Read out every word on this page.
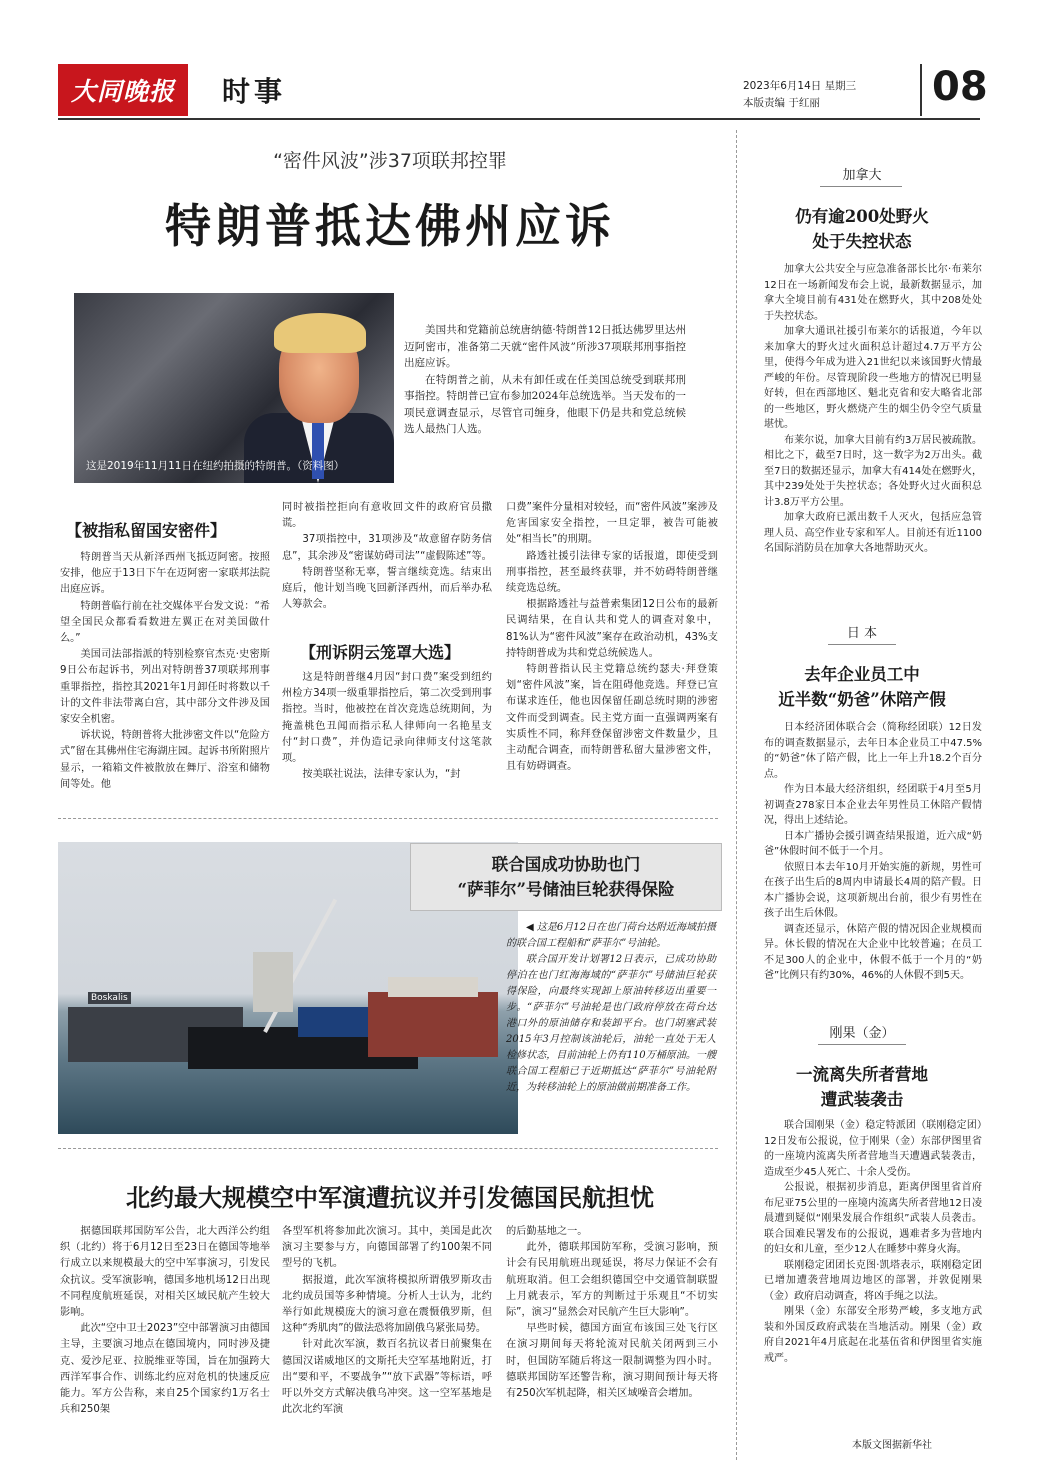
大同晚报 时事	2023年6月14日 星期三
本版责编 于红丽	08
“密件风波”涉37项联邦控罪
特朗普抵达佛州应诉
这是2019年11月11日在纽约拍摄的特朗普。（资料图）

美国共和党籍前总统唐纳德·特朗普12日抵达佛罗里达州迈阿密市，准备第二天就“密件风波”所涉37项联邦刑事指控出庭应诉。

在特朗普之前，从未有卸任或在任美国总统受到联邦刑事指控。特朗普已宣布参加2024年总统选举。当天发布的一项民意调查显示，尽管官司缠身，他眼下仍是共和党总统候选人最热门人选。

【被指私留国安密件】

特朗普当天从新泽西州飞抵迈阿密。按照安排，他应于13日下午在迈阿密一家联邦法院出庭应诉。

特朗普临行前在社交媒体平台发文说：“希望全国民众都看看数进左翼正在对美国做什么。”

美国司法部指派的特别检察官杰克·史密斯9日公布起诉书，列出对特朗普37项联邦刑事重罪指控，指控其2021年1月卸任时将数以千计的文件非法带离白宫，其中部分文件涉及国家安全机密。

诉状说，特朗普将大批涉密文件以“危险方式”留在其佛州住宅海湖庄园。起诉书所附照片显示，一箱箱文件被散放在舞厅、浴室和储物间等处。他

同时被指控拒向有意收回文件的政府官员撒谎。

37项指控中，31项涉及“故意留存防务信息”，其余涉及“密谋妨碍司法”“虚假陈述”等。

特朗普坚称无辜，誓言继续竞选。结束出庭后，他计划当晚飞回新泽西州，而后举办私人筹款会。

【刑诉阴云笼罩大选】

这是特朗普继4月因“封口费”案受到纽约州检方34项一级重罪指控后，第二次受到刑事指控。当时，他被控在首次竞选总统期间，为掩盖桃色丑闻而指示私人律师向一名艳星支付“封口费”，并伪造记录向律师支付这笔款项。

按美联社说法，法律专家认为，“封

口费”案件分量相对较轻，而“密件风波”案涉及危害国家安全指控，一旦定罪，被告可能被处“相当长”的刑期。

路透社援引法律专家的话报道，即使受到刑事指控，甚至最终获罪，并不妨碍特朗普继续竞选总统。

根据路透社与益普索集团12日公布的最新民调结果，在自认共和党人的调查对象中，81%认为“密件风波”案存在政治动机，43%支持特朗普成为共和党总统候选人。

特朗普指认民主党籍总统约瑟夫·拜登策划“密件风波”案，旨在阻碍他竞选。拜登已宣布谋求连任，他也因保留任副总统时期的涉密文件而受到调查。民主党方面一直强调两案有实质性不同，称拜登保留涉密文件数量少，且主动配合调查，而特朗普私留大量涉密文件，且有妨碍调查。

Boskalis
联合国成功协助也门
“萨菲尔”号储油巨轮获得保险

◀ 这是6月12日在也门荷台达附近海域拍摄的联合国工程船和“萨菲尔”号油轮。

联合国开发计划署12日表示，已成功协助停泊在也门红海海域的“萨菲尔”号储油巨轮获得保险，向最终实现卸上原油转移迈出重要一步。“萨菲尔”号油轮是也门政府停放在荷台达港口外的原油储存和装卸平台。也门胡塞武装2015年3月控制该油轮后，油轮一直处于无人检修状态，目前油轮上仍有110万桶原油。一艘联合国工程船已于近期抵达“萨菲尔”号油轮附近，为转移油轮上的原油做前期准备工作。

北约最大规模空中军演遭抗议并引发德国民航担忧

据德国联邦国防军公告，北大西洋公约组织（北约）将于6月12日至23日在德国等地举行成立以来规模最大的空中军事演习，引发民众抗议。受军演影响，德国多地机场12日出现不同程度航班延误，对相关区域民航产生较大影响。

此次“空中卫士2023”空中部署演习由德国主导，主要演习地点在德国境内，同时涉及捷克、爱沙尼亚、拉脱维亚等国，旨在加强跨大西洋军事合作、训练北约应对危机的快速反应能力。军方公告称，来自25个国家约1万名士兵和250架

各型军机将参加此次演习。其中，美国是此次演习主要参与方，向德国部署了约100架不同型号的飞机。

据报道，此次军演将模拟所谓俄罗斯攻击北约成员国等多种情境。分析人士认为，北约举行如此规模庞大的演习意在震慑俄罗斯，但这种“秀肌肉”的做法恐将加剧俄乌紧张局势。

针对此次军演，数百名抗议者日前聚集在德国汉诺威地区的文斯托夫空军基地附近，打出“要和平，不要战争”“放下武器”等标语，呼吁以外交方式解决俄乌冲突。这一空军基地是此次北约军演

的后勤基地之一。

此外，德联邦国防军称，受演习影响，预计会有民用航班出现延误，将尽力保证不会有航班取消。但工会组织德国空中交通管制联盟上月就表示，军方的判断过于乐观且“不切实际”，演习“显然会对民航产生巨大影响”。

早些时候，德国方面宣布该国三处飞行区在演习期间每天将轮流对民航关闭两到三小时，但国防军随后将这一限制调整为四小时。德联邦国防军还警告称，演习期间预计每天将有250次军机起降，相关区域噪音会增加。

加拿大
仍有逾200处野火
处于失控状态

加拿大公共安全与应急准备部长比尔·布莱尔12日在一场新闻发布会上说，最新数据显示，加拿大全境目前有431处在燃野火，其中208处处于失控状态。

加拿大通讯社援引布莱尔的话报道，今年以来加拿大的野火过火面积总计超过4.7万平方公里，使得今年成为进入21世纪以来该国野火情最严峻的年份。尽管现阶段一些地方的情况已明显好转，但在西部地区、魁北克省和安大略省北部的一些地区，野火燃烧产生的烟尘仍令空气质量堪忧。

布莱尔说，加拿大目前有约3万居民被疏散。相比之下，截至7日时，这一数字为2万出头。截至7日的数据还显示，加拿大有414处在燃野火，其中239处处于失控状态；各处野火过火面积总计3.8万平方公里。

加拿大政府已派出数千人灭火，包括应急管理人员、高空作业专家和军人。目前还有近1100名国际消防员在加拿大各地帮助灭火。

日 本
去年企业员工中
近半数“奶爸”休陪产假

日本经济团体联合会（简称经团联）12日发布的调查数据显示，去年日本企业员工中47.5%的“奶爸”休了陪产假，比上一年上升18.2个百分点。

作为日本最大经济组织，经团联于4月至5月初调查278家日本企业去年男性员工休陪产假情况，得出上述结论。

日本广播协会援引调查结果报道，近六成“奶爸”休假时间不低于一个月。

依照日本去年10月开始实施的新规，男性可在孩子出生后的8周内申请最长4周的陪产假。日本广播协会说，这项新规出台前，很少有男性在孩子出生后休假。

调查还显示，休陪产假的情况因企业规模而异。休长假的情况在大企业中比较普遍；在员工不足300人的企业中，休假不低于一个月的“奶爸”比例只有约30%，46%的人休假不到5天。

刚果（金）
一流离失所者营地
遭武装袭击

联合国刚果（金）稳定特派团（联刚稳定团）12日发布公报说，位于刚果（金）东部伊图里省的一座境内流离失所者营地当天遭遇武装袭击，造成至少45人死亡、十余人受伤。

公报说，根据初步消息，距离伊图里省首府布尼亚75公里的一座境内流离失所者营地12日凌晨遭到疑似“刚果发展合作组织”武装人员袭击。联合国难民署发布的公报说，遇难者多为营地内的妇女和儿童，至少12人在睡梦中葬身火海。

联刚稳定团团长克图·凯塔表示，联刚稳定团已增加遭袭营地周边地区的部署，并敦促刚果（金）政府启动调查，将凶手绳之以法。

刚果（金）东部安全形势严峻，多支地方武装和外国反政府武装在当地活动。刚果（金）政府自2021年4月底起在北基伍省和伊图里省实施戒严。

本版文图据新华社
